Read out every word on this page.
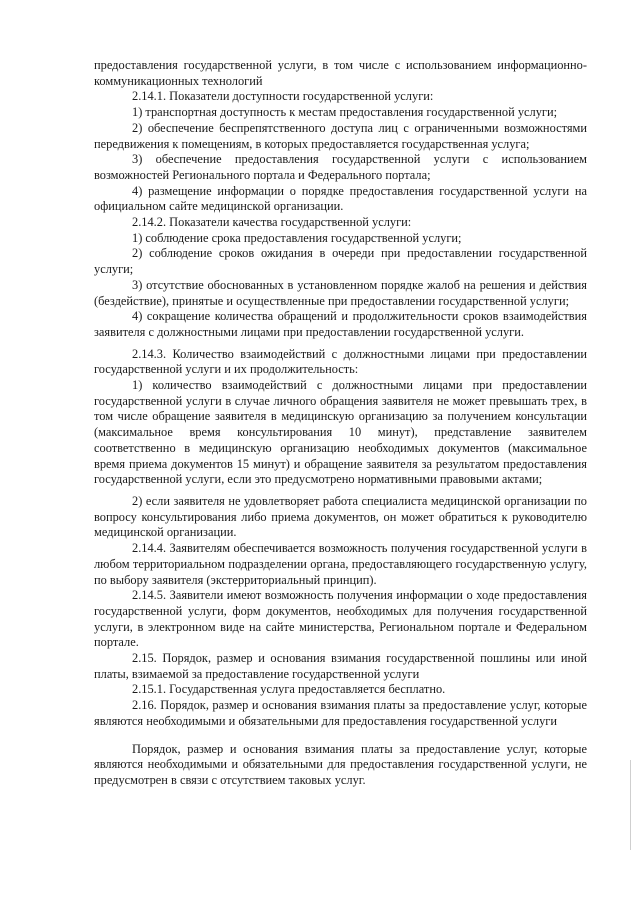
предоставления государственной услуги, в том числе с использованием информационно-коммуникационных технологий

2.14.1. Показатели доступности государственной услуги:

1) транспортная доступность к местам предоставления государственной услуги;

2) обеспечение беспрепятственного доступа лиц с ограниченными возможностями передвижения к помещениям, в которых предоставляется государственная услуга;

3) обеспечение предоставления государственной услуги с использованием возможностей Регионального портала и Федерального портала;

4) размещение информации о порядке предоставления государственной услуги на официальном сайте медицинской организации.

2.14.2. Показатели качества государственной услуги:

1) соблюдение срока предоставления государственной услуги;

2) соблюдение сроков ожидания в очереди при предоставлении государственной услуги;

3) отсутствие обоснованных в установленном порядке жалоб на решения и действия (бездействие), принятые и осуществленные при предоставлении государственной услуги;

4) сокращение количества обращений и продолжительности сроков взаимодействия заявителя с должностными лицами при предоставлении государственной услуги.

2.14.3. Количество взаимодействий с должностными лицами при предоставлении государственной услуги и их продолжительность:

1) количество взаимодействий с должностными лицами при предоставлении государственной услуги в случае личного обращения заявителя не может превышать трех, в том числе обращение заявителя в медицинскую организацию за получением консультации (максимальное время консультирования 10 минут), представление заявителем соответственно в медицинскую организацию необходимых документов (максимальное время приема документов 15 минут) и обращение заявителя за результатом предоставления государственной услуги, если это предусмотрено нормативными правовыми актами;

2) если заявителя не удовлетворяет работа специалиста медицинской организации по вопросу консультирования либо приема документов, он может обратиться к руководителю медицинской организации.

2.14.4. Заявителям обеспечивается возможность получения государственной услуги в любом территориальном подразделении органа, предоставляющего государственную услугу, по выбору заявителя (экстерриториальный принцип).

2.14.5. Заявители имеют возможность получения информации о ходе предоставления государственной услуги, форм документов, необходимых для получения государственной услуги, в электронном виде на сайте министерства, Региональном портале и Федеральном портале.

2.15. Порядок, размер и основания взимания государственной пошлины или иной платы, взимаемой за предоставление государственной услуги

2.15.1. Государственная услуга предоставляется бесплатно.

2.16. Порядок, размер и основания взимания платы за предоставление услуг, которые являются необходимыми и обязательными для предоставления государственной услуги

Порядок, размер и основания взимания платы за предоставление услуг, которые являются необходимыми и обязательными для предоставления государственной услуги, не предусмотрен в связи с отсутствием таковых услуг.
